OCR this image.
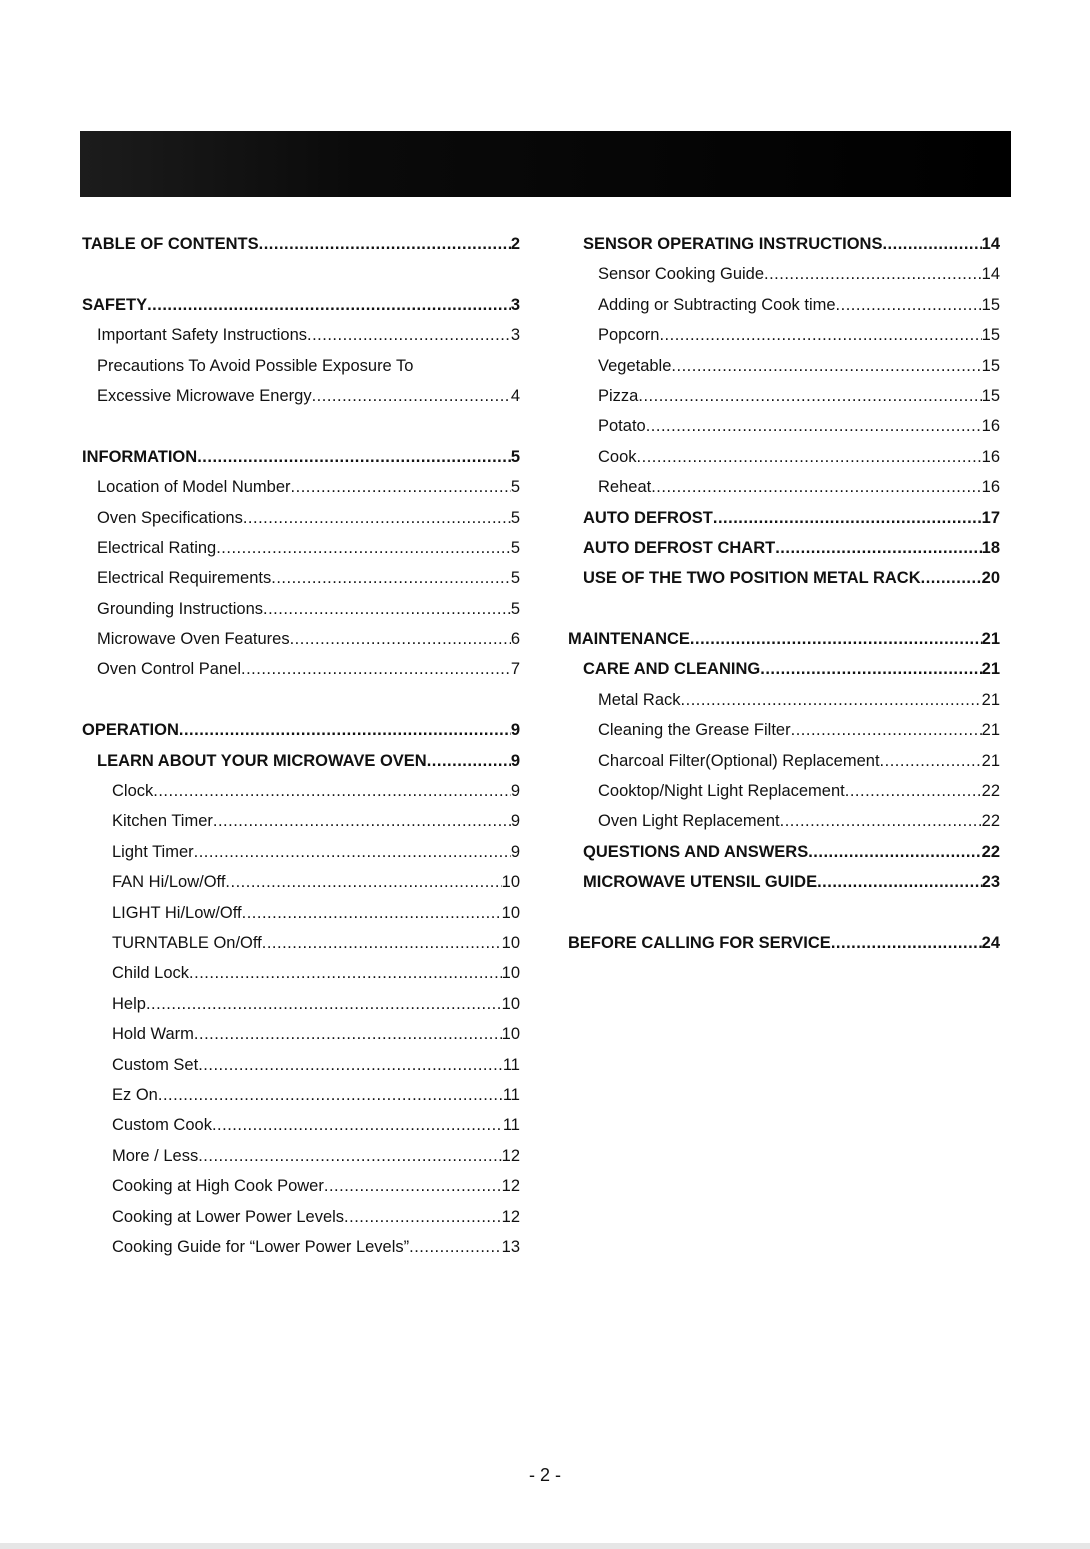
TABLE OF CONTENTS .....	2
SAFETY .....	3
Important Safety Instructions .....	3
Precautions To Avoid Possible Exposure To
Excessive Microwave Energy .....	4
INFORMATION .....	5
Location of Model Number .....	5
Oven Specifications .....	5
Electrical Rating .....	5
Electrical Requirements .....	5
Grounding Instructions .....	5
Microwave Oven Features .....	6
Oven Control Panel .....	7
OPERATION .....	9
LEARN ABOUT YOUR MICROWAVE OVEN .....	9
Clock .....	9
Kitchen Timer .....	9
Light Timer .....	9
FAN Hi/Low/Off .....	10
LIGHT Hi/Low/Off .....	10
TURNTABLE On/Off .....	10
Child Lock .....	10
Help .....	10
Hold Warm .....	10
Custom Set .....	11
Ez On .....	11
Custom Cook .....	11
More / Less .....	12
Cooking at High Cook Power .....	12
Cooking at Lower Power Levels .....	12
Cooking Guide for “Lower Power Levels” .....	13
SENSOR OPERATING INSTRUCTIONS .....	14
Sensor Cooking Guide .....	14
Adding or Subtracting Cook time .....	15
Popcorn .....	15
Vegetable .....	15
Pizza .....	15
Potato .....	16
Cook .....	16
Reheat .....	16
AUTO DEFROST .....	17
AUTO DEFROST CHART .....	18
USE OF THE TWO POSITION METAL RACK .....	20
MAINTENANCE .....	21
CARE AND CLEANING .....	21
Metal Rack .....	21
Cleaning the Grease Filter .....	21
Charcoal Filter(Optional) Replacement .....	21
Cooktop/Night Light Replacement .....	22
Oven Light Replacement .....	22
QUESTIONS AND ANSWERS .....	22
MICROWAVE UTENSIL GUIDE .....	23
BEFORE CALLING FOR SERVICE .....	24
- 2 -
